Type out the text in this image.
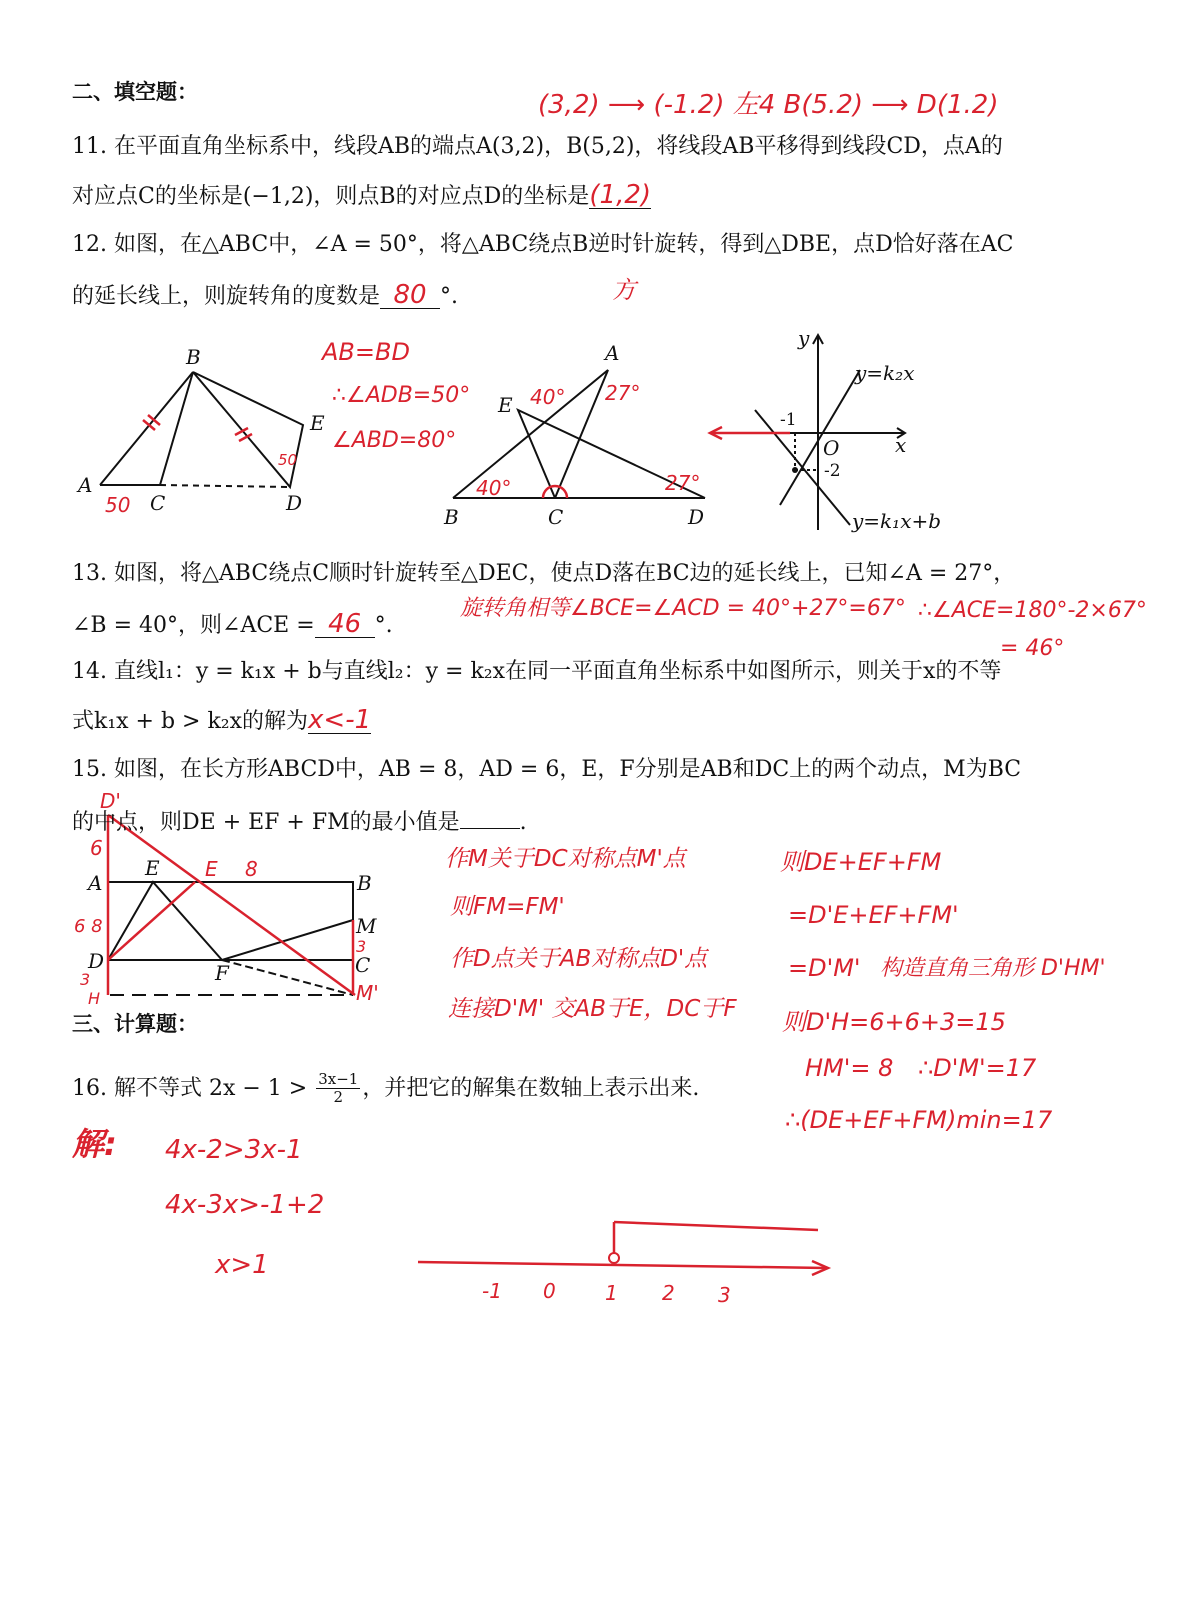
二、填空题：	(3,2) ⟶ (-1.2) 左4 B(5.2) ⟶ D(1.2)
11. 在平面直角坐标系中，线段AB的端点A(3,2)，B(5,2)，将线段AB平移得到线段CD，点A的
对应点C的坐标是(−1,2)，则点B的对应点D的坐标是(1,2)
12. 如图，在△ABC中，∠A = 50°，将△ABC绕点B逆时针旋转，得到△DBE，点D恰好落在AC
的延长线上，则旋转角的度数是 80 °.	方
AB=BD
∴∠ADB=50°
∠ABD=80°
B
A
C	D
E
50
50
A
B	C	D
E 40° 27°
40°	27°
y
x
O
-1
-2
y=k₂x
y=k₁x+b
A	B
C
D
E
F
M
D'
M'
H
E 8
6
6 8
3
3
-1 0 1 2 3
13. 如图，将△ABC绕点C顺时针旋转至△DEC，使点D落在BC边的延长线上，已知∠A = 27°，
∠B = 40°，则∠ACE = 46 °.
旋转角相等∠BCE=∠ACD = 40°+27°=67° ∴∠ACE=180°-2×67°
= 46°
14. 直线l₁：y = k₁x + b与直线l₂：y = k₂x在同一平面直角坐标系中如图所示，则关于x的不等
式k₁x + b > k₂x的解为x<-1
15. 如图，在长方形ABCD中，AB = 8，AD = 6，E，F分别是AB和DC上的两个动点，M为BC
的中点，则DE + EF + FM的最小值是	.
作M关于DC对称点M'点
则FM=FM'
作D点关于AB对称点D'点
连接D'M' 交AB于E，DC于F
则DE+EF+FM
=D'E+EF+FM'
=D'M' 构造直角三角形 D'HM'
则D'H=6+6+3=15
HM'= 8 ∴D'M'=17
∴(DE+EF+FM)min=17
三、计算题：
16. 解不等式 $2x - 1 > \frac{3x-1}{2}$ ，并把它的解集在数轴上表示出来.
解: 4x-2>3x-1
4x-3x>-1+2
x>1
